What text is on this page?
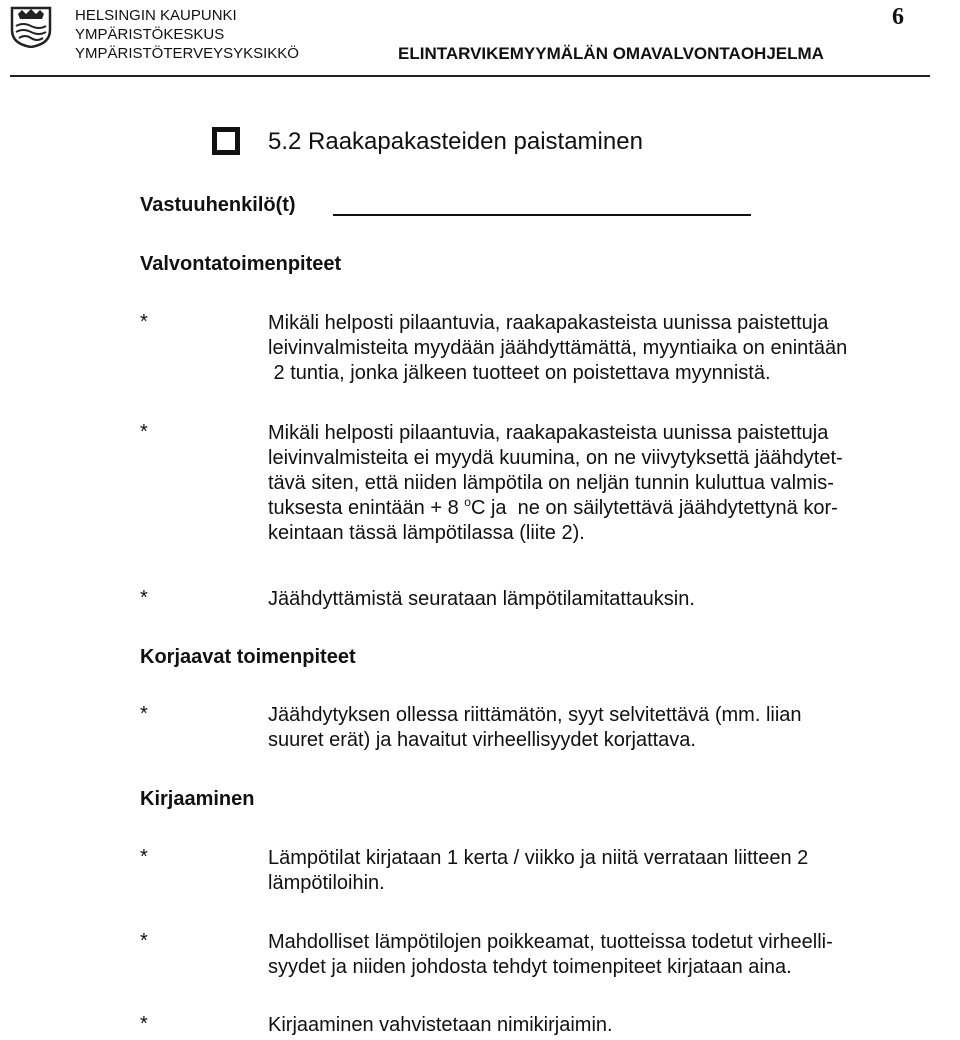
HELSINGIN KAUPUNKI
YMPÄRISTÖKESKUS
YMPÄRISTÖTERVEYSYKSIKKÖ	ELINTARVIKEMYYMÄLÄN OMAVALVONTAOHJELMA
6
5.2 Raakapakasteiden paistaminen
Vastuuhenkilö(t)
Valvontatoimenpiteet
*	Mikäli helposti pilaantuvia, raakapakasteista uunissa paistettuja
leivinvalmisteita myydään jäähdyttämättä, myyntiaika on enintään
2 tuntia, jonka jälkeen tuotteet on poistettava myynnistä.
*	Mikäli helposti pilaantuvia, raakapakasteista uunissa paistettuja
leivinvalmisteita ei myydä kuumina, on ne viivytyksettä jäähdytet-
tävä siten, että niiden lämpötila on neljän tunnin kuluttua valmis-
tuksesta enintään + 8 $^o$C ja  ne on säilytettävä jäähdytettynä kor-
keintaan tässä lämpötilassa (liite 2).
*	Jäähdyttämistä seurataan lämpötilamitattauksin.
Korjaavat toimenpiteet
*	Jäähdytyksen ollessa riittämätön, syyt selvitettävä (mm. liian
suuret erät) ja havaitut virheellisyydet korjattava.
Kirjaaminen
*	Lämpötilat kirjataan 1 kerta / viikko ja niitä verrataan liitteen 2
lämpötiloihin.
*	Mahdolliset lämpötilojen poikkeamat, tuotteissa todetut virheelli-
syydet ja niiden johdosta tehdyt toimenpiteet kirjataan aina.
*	Kirjaaminen vahvistetaan nimikirjaimin.
